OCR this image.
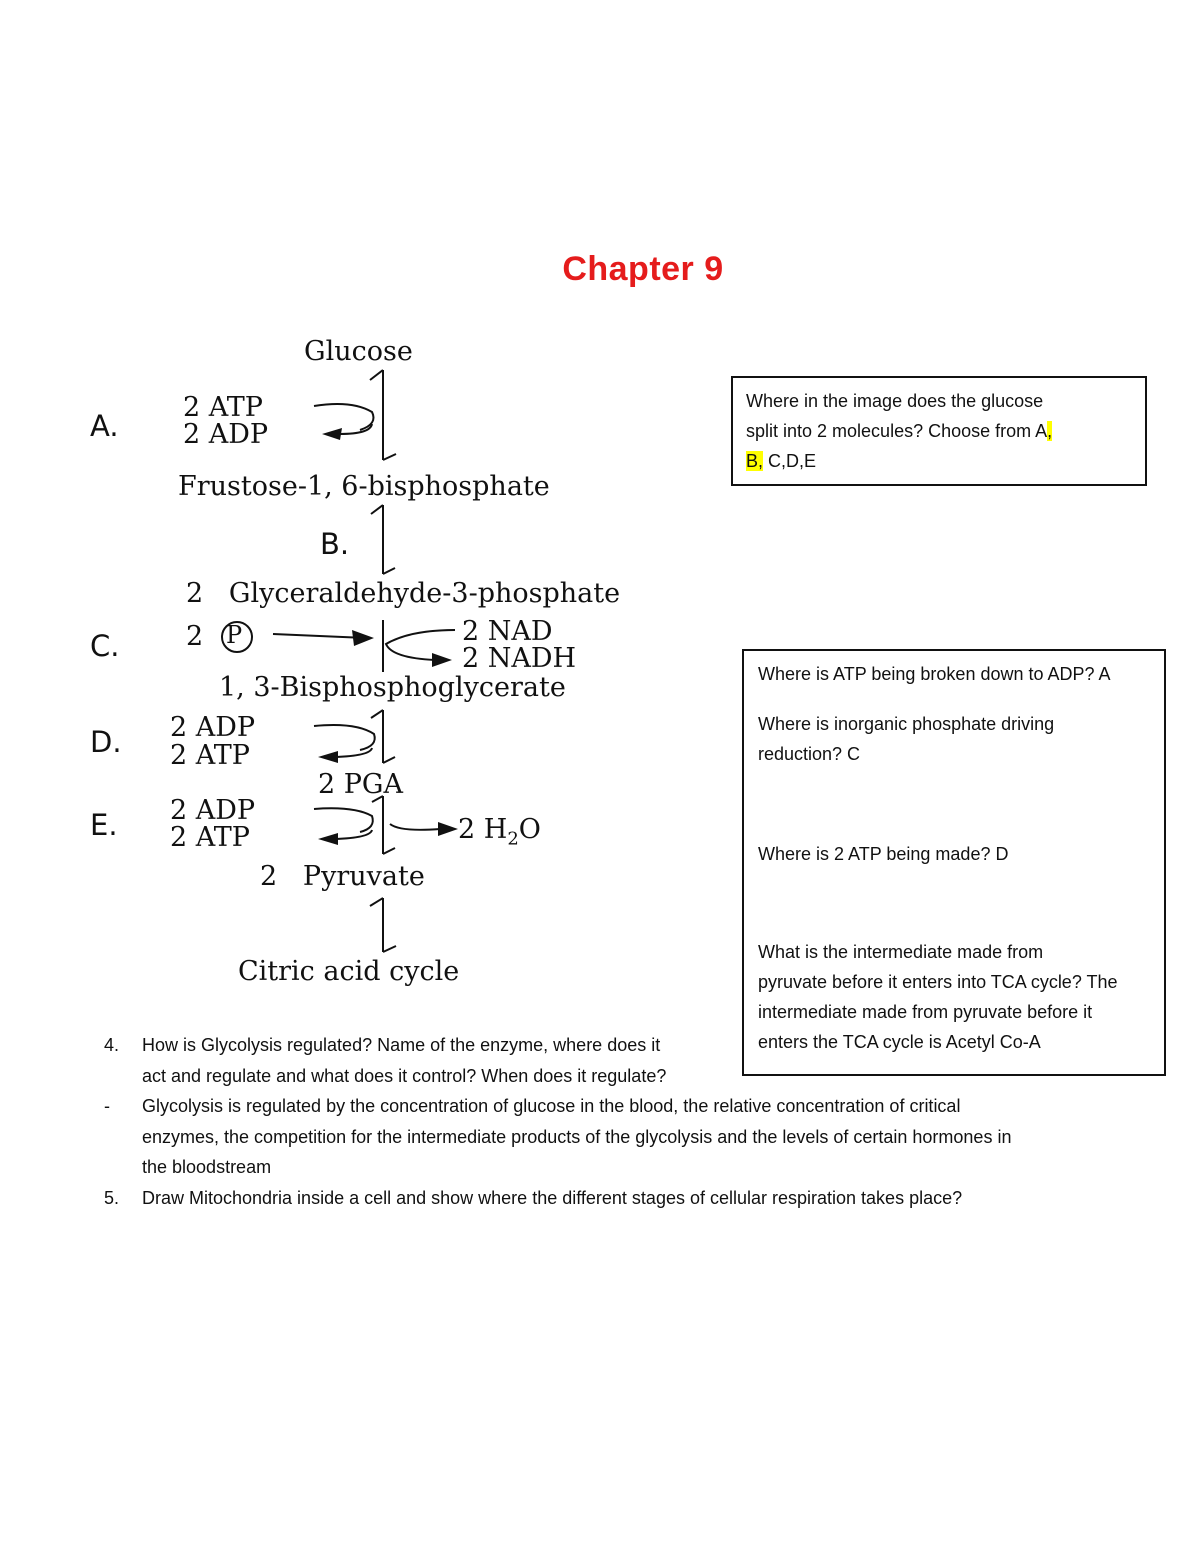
Chapter 9
Glucose
A.
2 ATP
2 ADP
Frustose-1, 6-bisphosphate
B.
2   Glyceraldehyde-3-phosphate
C. 2 P	2 NAD
2 NADH
1, 3-Bisphosphoglycerate
D. 2 ADP
2 ATP
2 PGA
E. 2 ADP
2 ATP	2 $H_2O$
2   Pyruvate
Citric acid cycle

Where in the image does the glucose

split into 2 molecules? Choose from A,

B, C,D,E

Where is ATP being broken down to ADP? A

Where is inorganic phosphate driving

reduction? C

Where is 2 ATP being made? D

What is the intermediate made from

pyruvate before it enters into TCA cycle? The

intermediate made from pyruvate before it

enters the TCA cycle is Acetyl Co-A

4. How is Glycolysis regulated? Name of the enzyme, where does it
act and regulate and what does it control? When does it regulate?
- Glycolysis is regulated by the concentration of glucose in the blood, the relative concentration of critical
enzymes, the competition for the intermediate products of the glycolysis and the levels of certain hormones in
the bloodstream
5. Draw Mitochondria inside a cell and show where the different stages of cellular respiration takes place?
